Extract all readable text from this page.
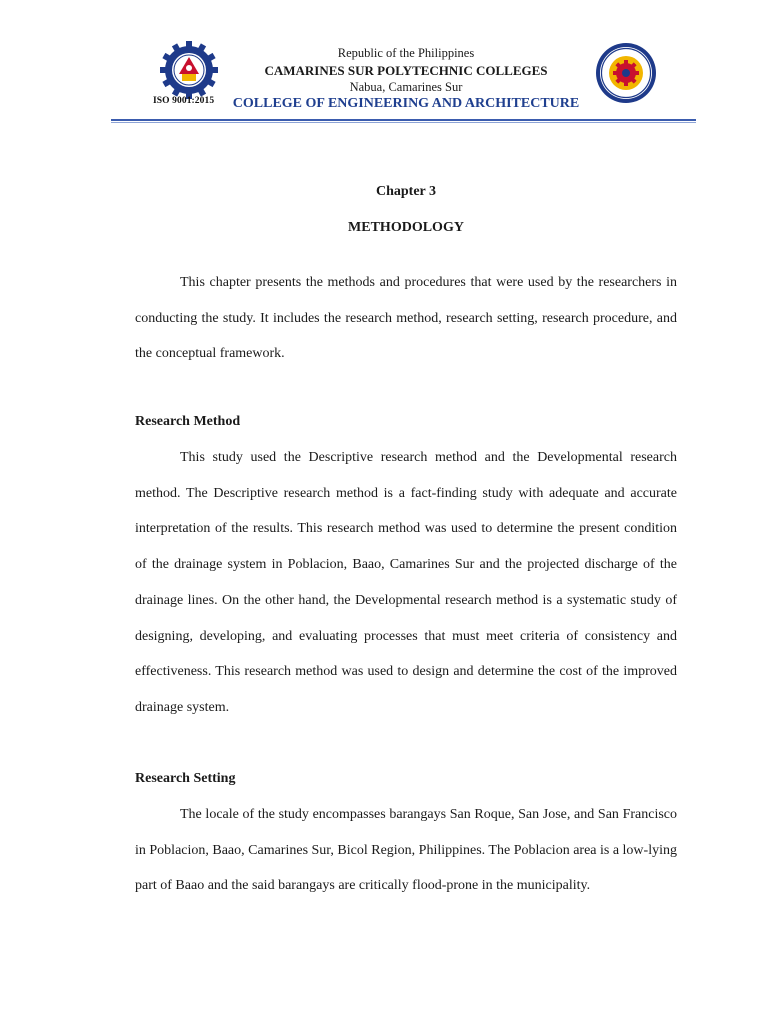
ISO 9001:2015
Republic of the Philippines
CAMARINES SUR POLYTECHNIC COLLEGES
Nabua, Camarines Sur
COLLEGE OF ENGINEERING AND ARCHITECTURE
Chapter 3
METHODOLOGY

This chapter presents the methods and procedures that were used by the researchers in conducting the study. It includes the research method, research setting, research procedure, and the conceptual framework.

Research Method

This study used the Descriptive research method and the Developmental research method. The Descriptive research method is a fact-finding study with adequate and accurate interpretation of the results. This research method was used to determine the present condition of the drainage system in Poblacion, Baao, Camarines Sur and the projected discharge of the drainage lines. On the other hand, the Developmental research method is a systematic study of designing, developing, and evaluating processes that must meet criteria of consistency and effectiveness. This research method was used to design and determine the cost of the improved drainage system.

Research Setting

The locale of the study encompasses barangays San Roque, San Jose, and San Francisco in Poblacion, Baao, Camarines Sur, Bicol Region, Philippines. The Poblacion area is a low-lying part of Baao and the said barangays are critically flood-prone in the municipality.
